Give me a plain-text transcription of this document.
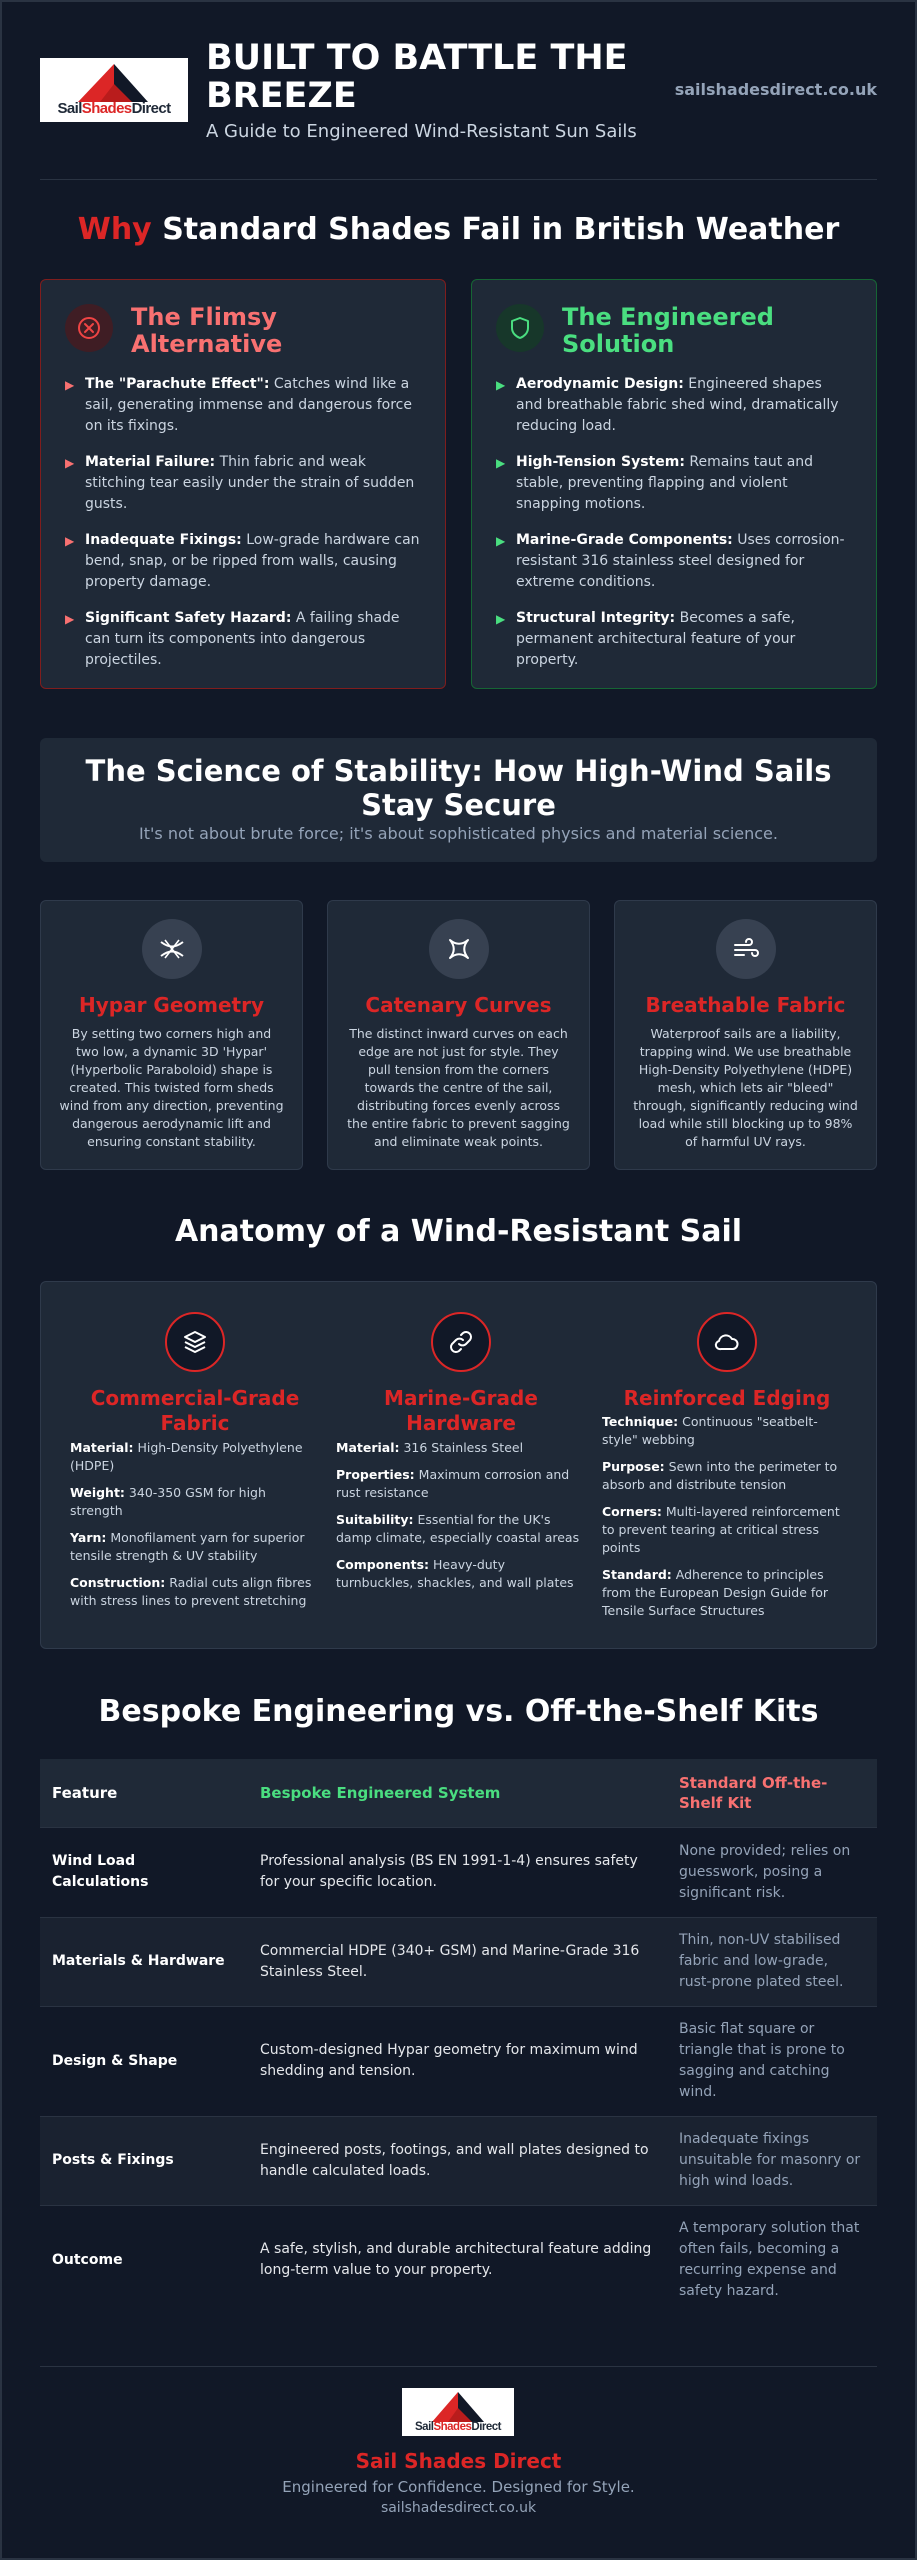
SailShadesDirect
BUILT TO BATTLE THE BREEZE
A Guide to Engineered Wind-Resistant Sun Sails
sailshadesdirect.co.uk
Why Standard Shades Fail in British Weather
The Flimsy Alternative
▶ The "Parachute Effect": Catches wind like a sail, generating immense and dangerous force on its fixings.
▶ Material Failure: Thin fabric and weak stitching tear easily under the strain of sudden gusts.
▶ Inadequate Fixings: Low-grade hardware can bend, snap, or be ripped from walls, causing property damage.
▶ Significant Safety Hazard: A failing shade can turn its components into dangerous projectiles.
The Engineered Solution
▶ Aerodynamic Design: Engineered shapes and breathable fabric shed wind, dramatically reducing load.
▶ High-Tension System: Remains taut and stable, preventing flapping and violent snapping motions.
▶ Marine-Grade Components: Uses corrosion-resistant 316 stainless steel designed for extreme conditions.
▶ Structural Integrity: Becomes a safe, permanent architectural feature of your property.
The Science of Stability: How High-Wind Sails Stay Secure
It's not about brute force; it's about sophisticated physics and material science.
Hypar Geometry
By setting two corners high and two low, a dynamic 3D 'Hypar' (Hyperbolic Paraboloid) shape is created. This twisted form sheds wind from any direction, preventing dangerous aerodynamic lift and ensuring constant stability.
Catenary Curves
The distinct inward curves on each edge are not just for style. They pull tension from the corners towards the centre of the sail, distributing forces evenly across the entire fabric to prevent sagging and eliminate weak points.
Breathable Fabric
Waterproof sails are a liability, trapping wind. We use breathable High-Density Polyethylene (HDPE) mesh, which lets air "bleed" through, significantly reducing wind load while still blocking up to 98% of harmful UV rays.
Anatomy of a Wind-Resistant Sail
Commercial-Grade Fabric
Material: High-Density Polyethylene (HDPE)
Weight: 340-350 GSM for high strength
Yarn: Monofilament yarn for superior tensile strength & UV stability
Construction: Radial cuts align fibres with stress lines to prevent stretching
Marine-Grade Hardware
Material: 316 Stainless Steel
Properties: Maximum corrosion and rust resistance
Suitability: Essential for the UK's damp climate, especially coastal areas
Components: Heavy-duty turnbuckles, shackles, and wall plates
Reinforced Edging
Technique: Continuous "seatbelt-style" webbing
Purpose: Sewn into the perimeter to absorb and distribute tension
Corners: Multi-layered reinforcement to prevent tearing at critical stress points
Standard: Adherence to principles from the European Design Guide for Tensile Surface Structures
Bespoke Engineering vs. Off-the-Shelf Kits
Feature	Bespoke Engineered System	Standard Off-the-Shelf Kit
Wind Load Calculations	Professional analysis (BS EN 1991-1-4) ensures safety for your specific location.	None provided; relies on guesswork, posing a significant risk.
Materials & Hardware	Commercial HDPE (340+ GSM) and Marine-Grade 316 Stainless Steel.	Thin, non-UV stabilised fabric and low-grade, rust-prone plated steel.
Design & Shape	Custom-designed Hypar geometry for maximum wind shedding and tension.	Basic flat square or triangle that is prone to sagging and catching wind.
Posts & Fixings	Engineered posts, footings, and wall plates designed to handle calculated loads.	Inadequate fixings unsuitable for masonry or high wind loads.
Outcome	A safe, stylish, and durable architectural feature adding long-term value to your property.	A temporary solution that often fails, becoming a recurring expense and safety hazard.
SailShadesDirect
Sail Shades Direct
Engineered for Confidence. Designed for Style.
sailshadesdirect.co.uk
